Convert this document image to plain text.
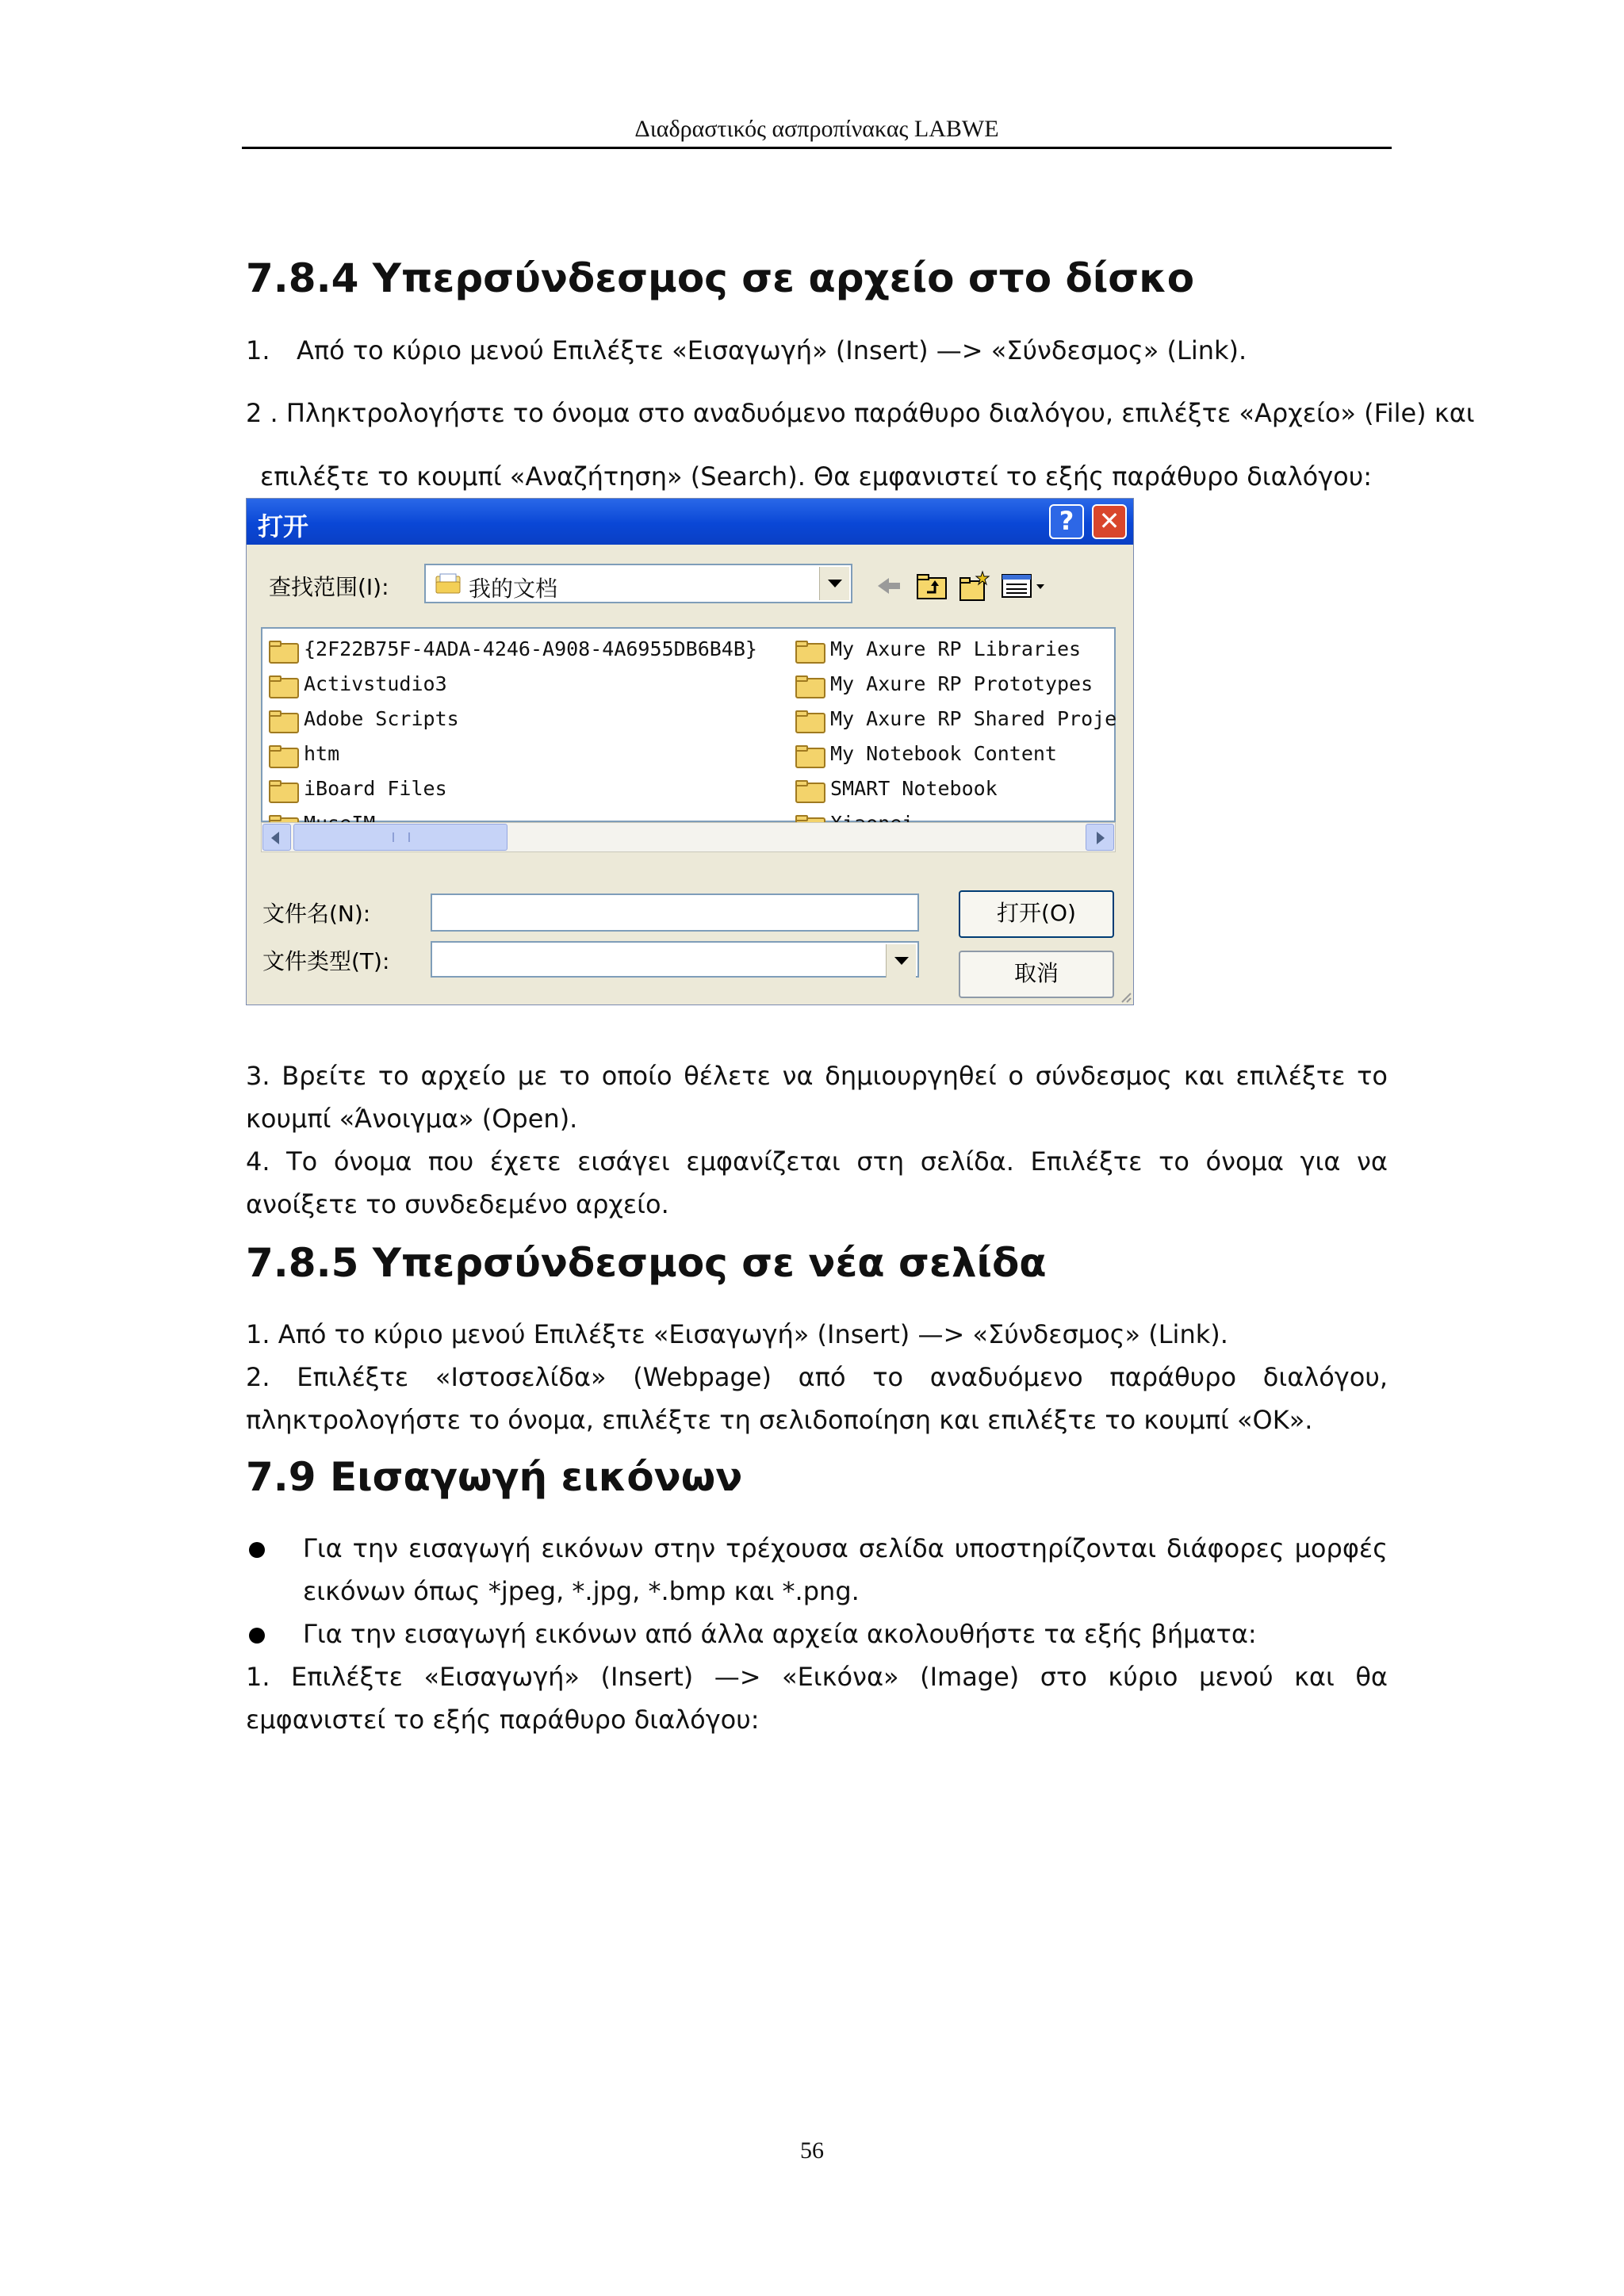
Διαδραστικός ασπροπίνακας LABWE
7.8.4 Υπερσύνδεσμος σε αρχείο στο δίσκο
1. Από το κύριο μενού Επιλέξτε «Εισαγωγή» (Insert) —> «Σύνδεσμος» (Link).
2 . Πληκτρολογήστε το όνομα στο αναδυόμενο παράθυρο διαλόγου, επιλέξτε «Αρχείο» (File) και
επιλέξτε το κουμπί «Αναζήτηση» (Search). Θα εμφανιστεί το εξής παράθυρο διαλόγου:
打开	? ✕
查找范围(I):	我的文档
{2F22B75F-4ADA-4246-A908-4A6955DB6B4B}
Activstudio3
Adobe Scripts
htm
iBoard Files
My Axure RP Libraries
My Axure RP Prototypes
My Axure RP Shared Proje
My Notebook Content
SMART Notebook
文件名(N):
文件类型(T):
打开(O)
取消
3. Βρείτε το αρχείο με το οποίο θέλετε να δημιουργηθεί ο σύνδεσμος και επιλέξτε το κουμπί «Άνοιγμα» (Open).
4. Το όνομα που έχετε εισάγει εμφανίζεται στη σελίδα. Επιλέξτε το όνομα για να ανοίξετε το συνδεδεμένο αρχείο.
7.8.5 Υπερσύνδεσμος σε νέα σελίδα
1. Από το κύριο μενού Επιλέξτε «Εισαγωγή» (Insert) —> «Σύνδεσμος» (Link).
2. Επιλέξτε «Ιστοσελίδα» (Webpage) από το αναδυόμενο παράθυρο διαλόγου, πληκτρολογήστε το όνομα, επιλέξτε τη σελιδοποίηση και επιλέξτε το κουμπί «OK».
7.9 Εισαγωγή εικόνων
Για την εισαγωγή εικόνων στην τρέχουσα σελίδα υποστηρίζονται διάφορες μορφές εικόνων όπως *jpeg, *.jpg, *.bmp και *.png.
Για την εισαγωγή εικόνων από άλλα αρχεία ακολουθήστε τα εξής βήματα:
1. Επιλέξτε «Εισαγωγή» (Insert) —> «Εικόνα» (Image) στο κύριο μενού και θα εμφανιστεί το εξής παράθυρο διαλόγου:
56
